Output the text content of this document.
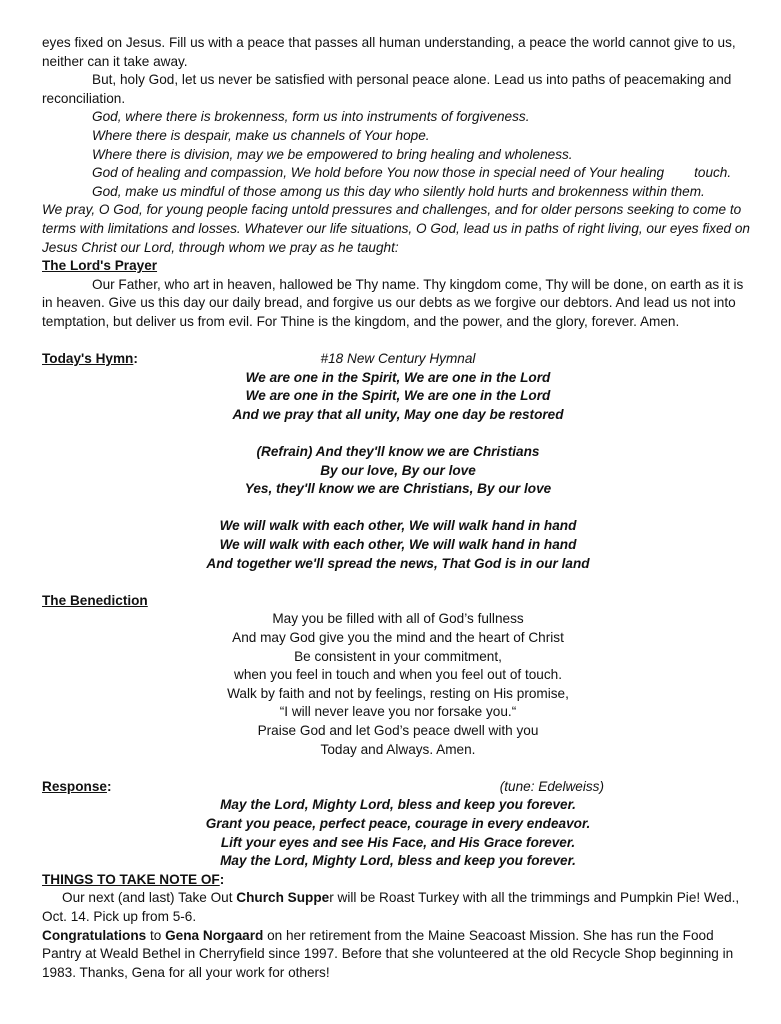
eyes fixed on Jesus. Fill us with a peace that passes all human understanding, a peace the world cannot give to us, neither can it take away.

But, holy God, let us never be satisfied with personal peace alone. Lead us into paths of peacemaking and reconciliation.

God, where there is brokenness, form us into instruments of forgiveness.

Where there is despair, make us channels of Your hope.

Where there is division, may we be empowered to bring healing and wholeness.

God of healing and compassion, We hold before You now those in special need of Your healing touch.

God, make us mindful of those among us this day who silently hold hurts and brokenness within them.

We pray, O God, for young people facing untold pressures and challenges, and for older persons seeking to come to terms with limitations and losses. Whatever our life situations, O God, lead us in paths of right living, our eyes fixed on Jesus Christ our Lord, through whom we pray as he taught:

The Lord's Prayer

Our Father, who art in heaven, hallowed be Thy name. Thy kingdom come, Thy will be done, on earth as it is in heaven. Give us this day our daily bread, and forgive us our debts as we forgive our debtors. And lead us not into temptation, but deliver us from evil. For Thine is the kingdom, and the power, and the glory, forever. Amen.

Today's Hymn:	#18 New Century Hymnal

We are one in the Spirit, We are one in the Lord

We are one in the Spirit, We are one in the Lord

And we pray that all unity, May one day be restored

(Refrain) And they'll know we are Christians

By our love, By our love

Yes, they'll know we are Christians, By our love

We will walk with each other, We will walk hand in hand

We will walk with each other, We will walk hand in hand

And together we'll spread the news, That God is in our land

The Benediction

May you be filled with all of God’s fullness

And may God give you the mind and the heart of Christ

Be consistent in your commitment,

when you feel in touch and when you feel out of touch.

Walk by faith and not by feelings, resting on His promise,

“I will never leave you nor forsake you.“

Praise God and let God’s peace dwell with you

Today and Always. Amen.

Response:	(tune: Edelweiss)

May the Lord, Mighty Lord, bless and keep you forever.

Grant you peace, perfect peace, courage in every endeavor.

Lift your eyes and see His Face, and His Grace forever.

May the Lord, Mighty Lord, bless and keep you forever.

THINGS TO TAKE NOTE OF:

Our next (and last) Take Out Church Supper will be Roast Turkey with all the trimmings and Pumpkin Pie! Wed., Oct. 14. Pick up from 5-6.

Congratulations to Gena Norgaard on her retirement from the Maine Seacoast Mission. She has run the Food Pantry at Weald Bethel in Cherryfield since 1997. Before that she volunteered at the old Recycle Shop beginning in 1983. Thanks, Gena for all your work for others!
